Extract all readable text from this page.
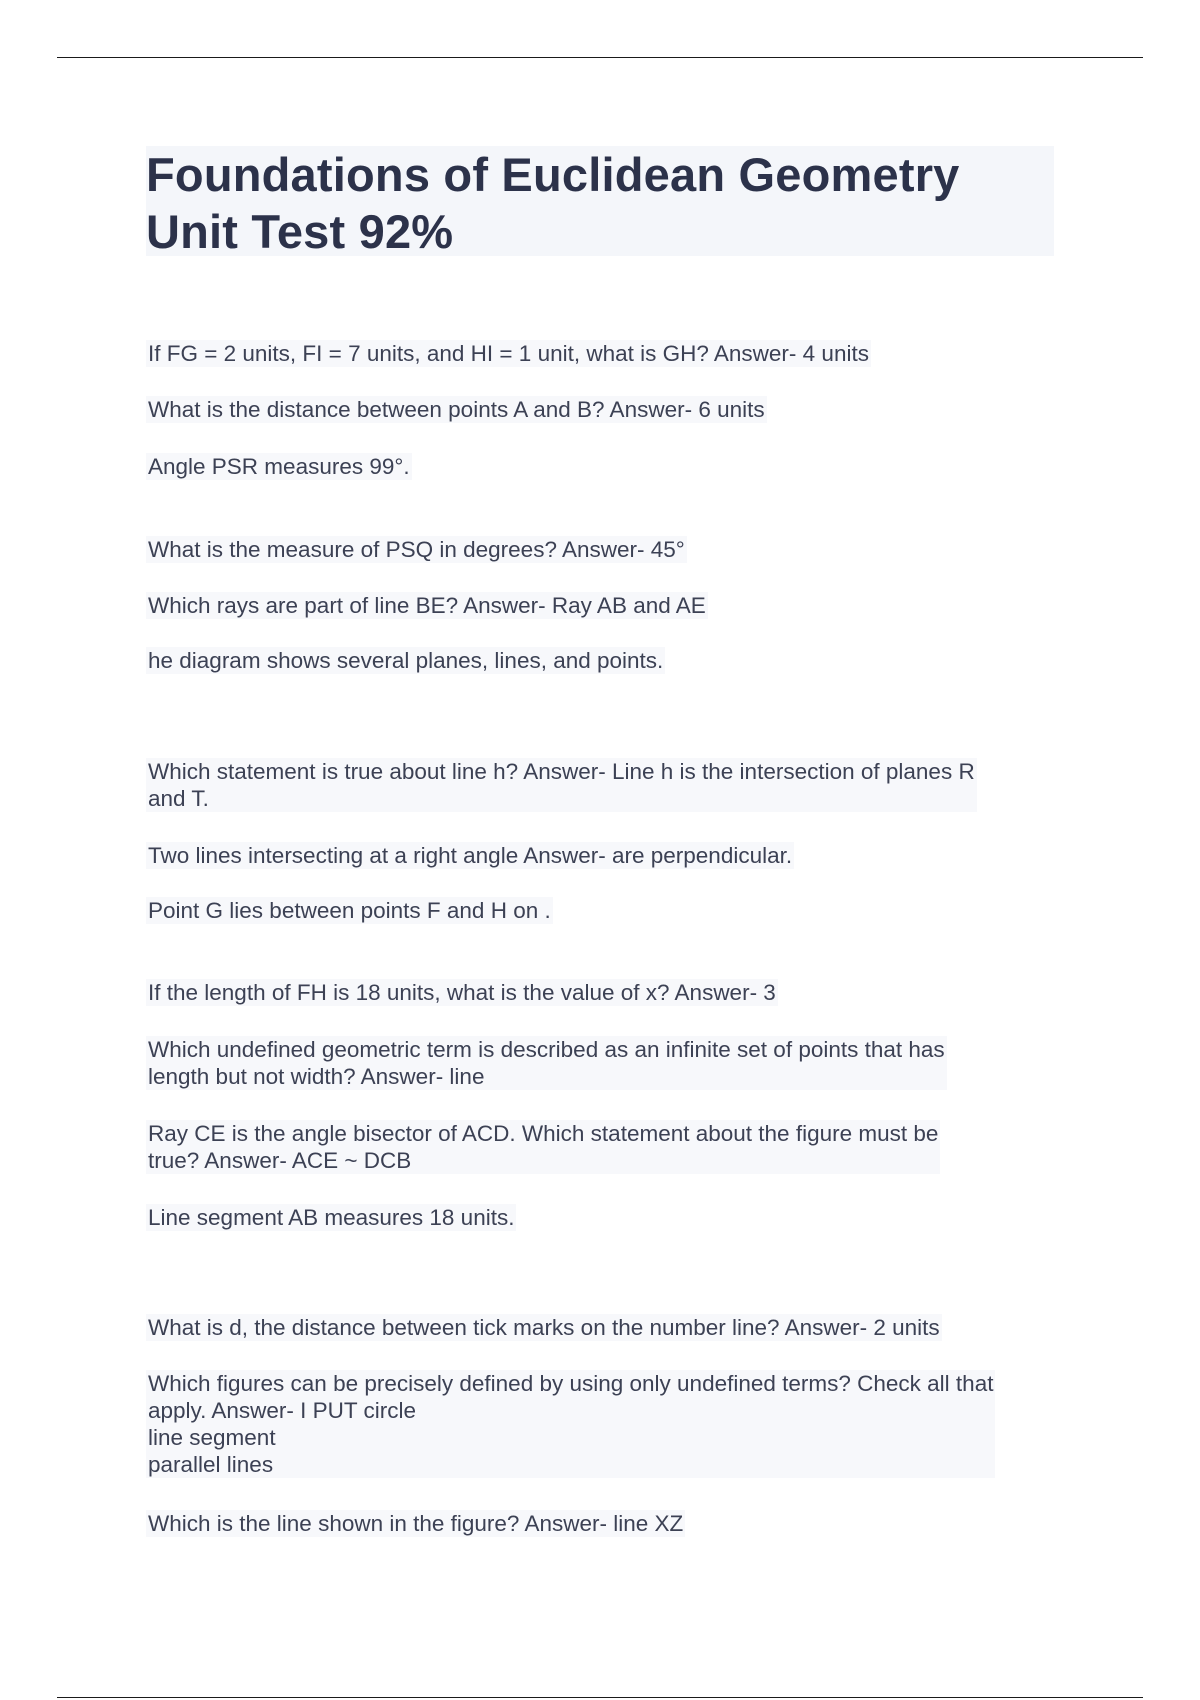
Foundations of Euclidean Geometry Unit Test 92%
If FG = 2 units, FI = 7 units, and HI = 1 unit, what is GH? Answer- 4 units
What is the distance between points A and B? Answer- 6 units
Angle PSR measures 99°.
What is the measure of PSQ in degrees? Answer- 45°
Which rays are part of line BE? Answer- Ray AB and AE
he diagram shows several planes, lines, and points.
Which statement is true about line h? Answer- Line h is the intersection of planes R
and T.
Two lines intersecting at a right angle Answer- are perpendicular.
Point G lies between points F and H on .
If the length of FH is 18 units, what is the value of x? Answer- 3
Which undefined geometric term is described as an infinite set of points that has
length but not width? Answer- line
Ray CE is the angle bisector of ACD. Which statement about the figure must be
true? Answer- ACE ~ DCB
Line segment AB measures 18 units.
What is d, the distance between tick marks on the number line? Answer- 2 units
Which figures can be precisely defined by using only undefined terms? Check all that
apply. Answer- I PUT circle
line segment
parallel lines
Which is the line shown in the figure? Answer- line XZ
